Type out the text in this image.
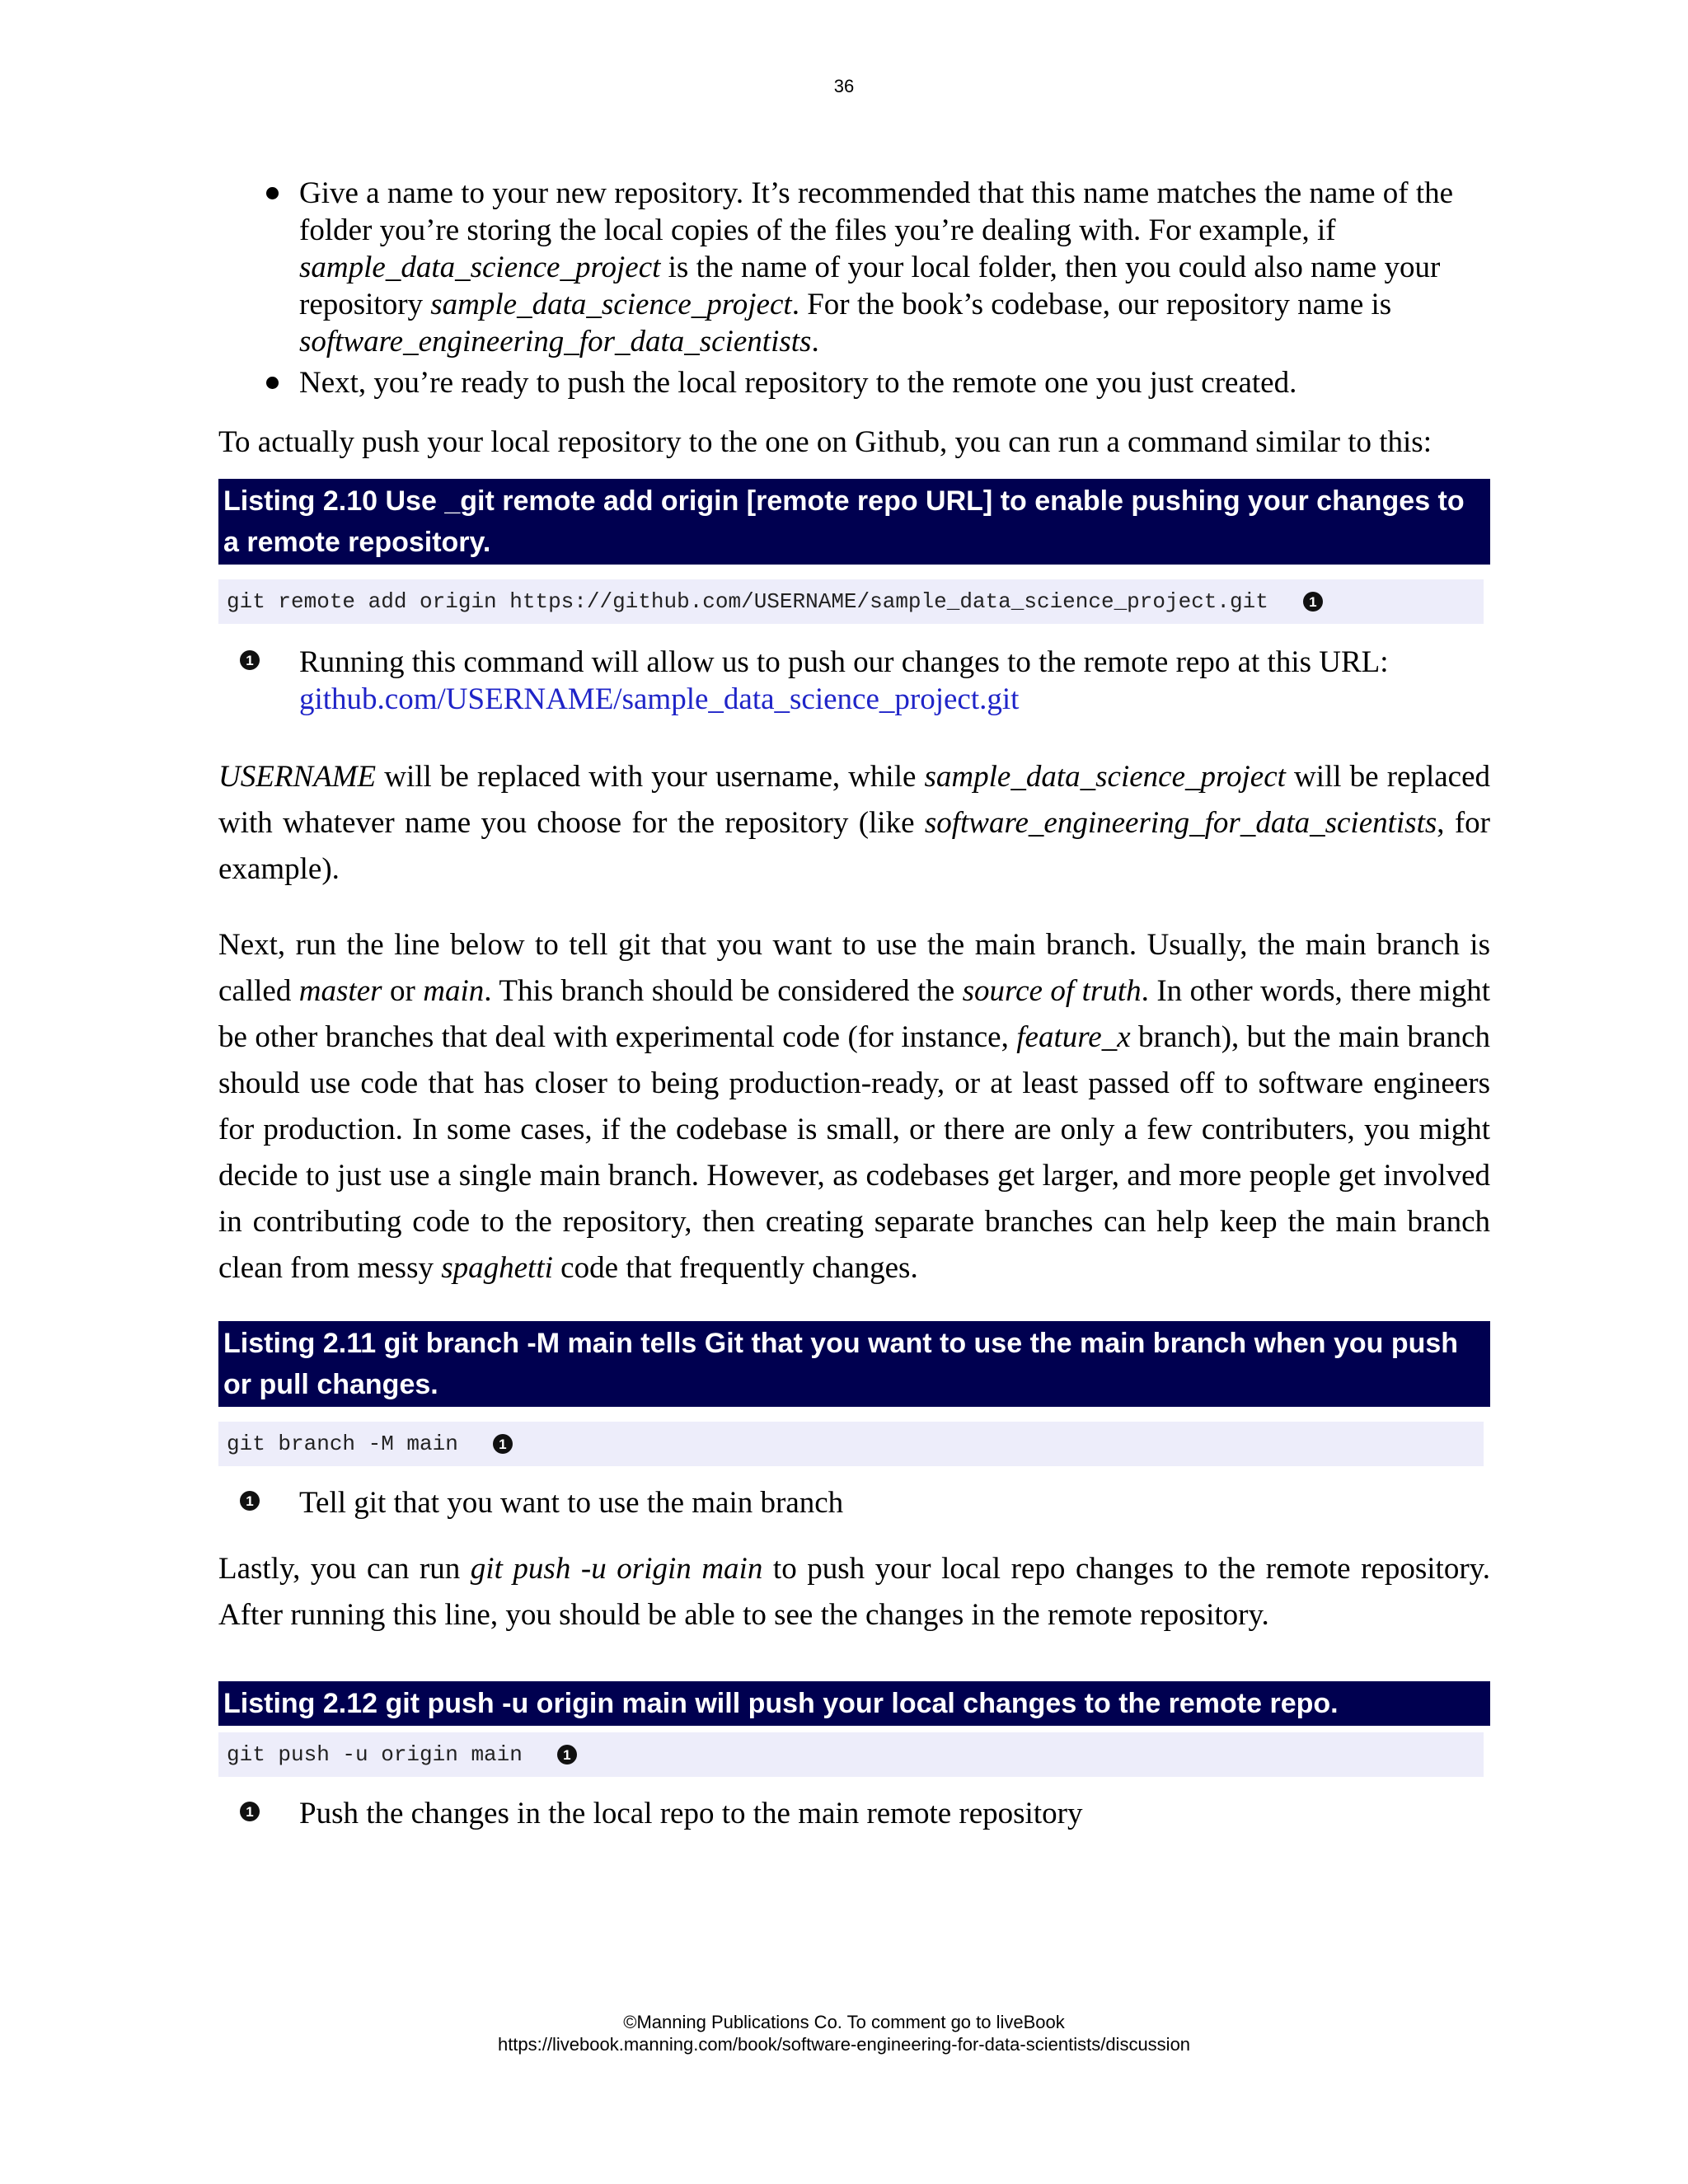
36
Give a name to your new repository. It’s recommended that this name matches the name of the folder you’re storing the local copies of the files you’re dealing with. For example, if sample_data_science_project is the name of your local folder, then you could also name your repository sample_data_science_project. For the book’s codebase, our repository name is software_engineering_for_data_scientists.
Next, you’re ready to push the local repository to the remote one you just created.

To actually push your local repository to the one on Github, you can run a command similar to this:

Listing 2.10 Use _git remote add origin [remote repo URL] to enable pushing your changes to a remote repository.
git remote add origin https://github.com/USERNAME/sample_data_science_project.git	1
1 Running this command will allow us to push our changes to the remote repo at this URL: github.com/USERNAME/sample_data_science_project.git

USERNAME will be replaced with your username, while sample_data_science_project will be replaced with whatever name you choose for the repository (like software_engineering_for_data_scientists, for example).

Next, run the line below to tell git that you want to use the main branch. Usually, the main branch is called master or main. This branch should be considered the source of truth. In other words, there might be other branches that deal with experimental code (for instance, feature_x branch), but the main branch should use code that has closer to being production-ready, or at least passed off to software engineers for production. In some cases, if the codebase is small, or there are only a few contributers, you might decide to just use a single main branch. However, as codebases get larger, and more people get involved in contributing code to the repository, then creating separate branches can help keep the main branch clean from messy spaghetti code that frequently changes.

Listing 2.11 git branch -M main tells Git that you want to use the main branch when you push or pull changes.
git branch -M main	1
1 Tell git that you want to use the main branch

Lastly, you can run git push -u origin main to push your local repo changes to the remote repository. After running this line, you should be able to see the changes in the remote repository.

Listing 2.12 git push -u origin main will push your local changes to the remote repo.
git push -u origin main	1
1 Push the changes in the local repo to the main remote repository
©Manning Publications Co. To comment go to liveBook
https://livebook.manning.com/book/software-engineering-for-data-scientists/discussion
